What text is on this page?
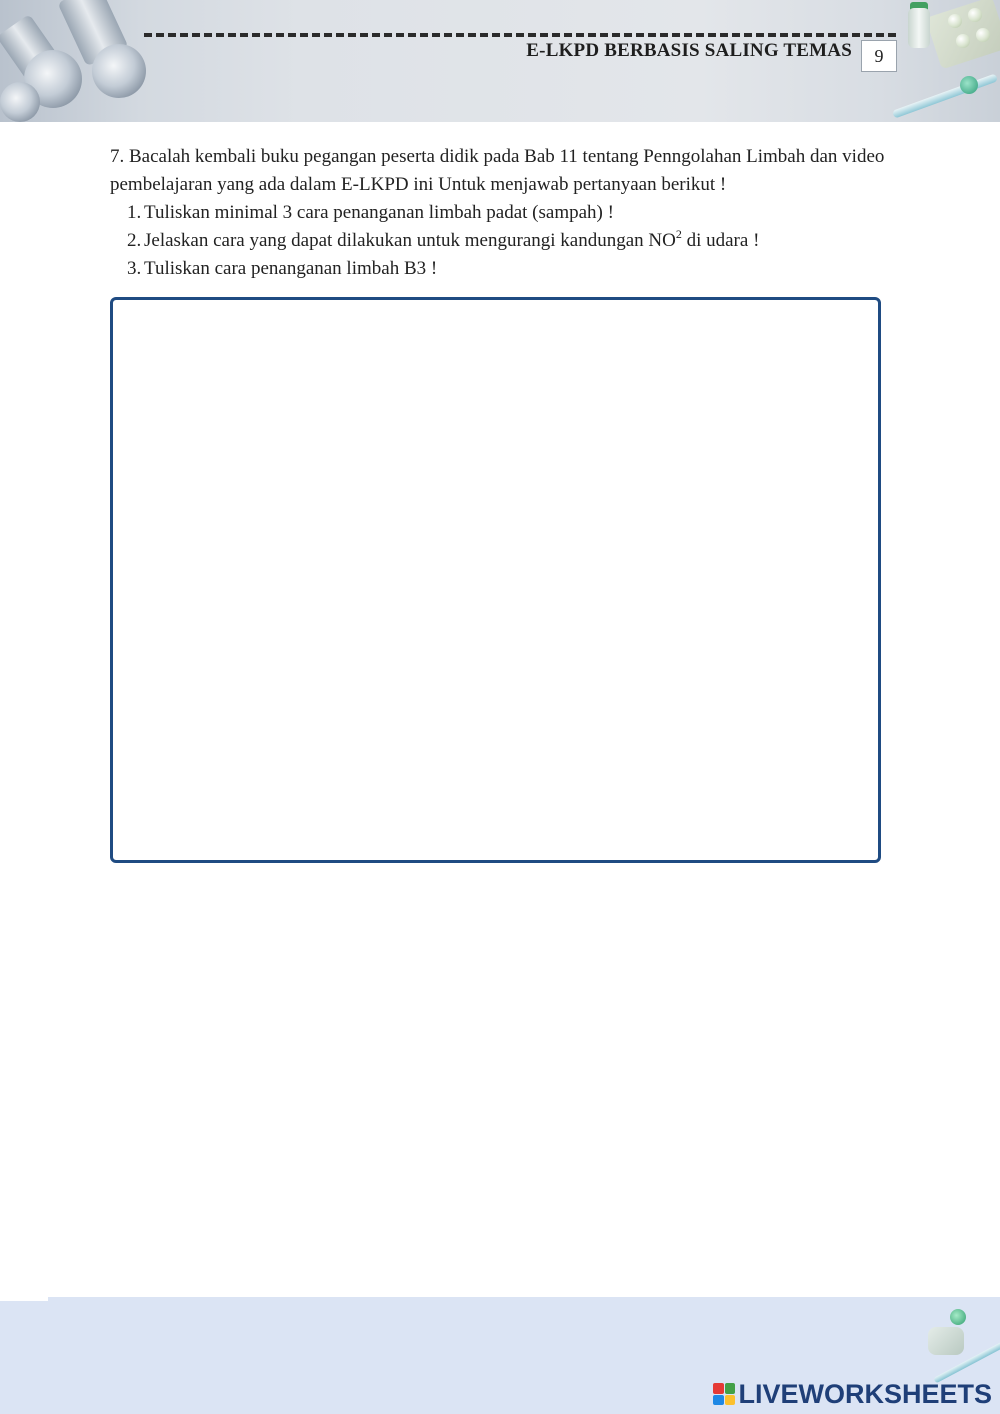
E-LKPD BERBASIS SALING TEMAS	9

7. Bacalah kembali buku pegangan peserta didik pada Bab 11 tentang Penngolahan Limbah dan video pembelajaran yang ada dalam E-LKPD ini Untuk menjawab pertanyaan berikut !

1. Tuliskan minimal 3 cara penanganan limbah padat (sampah) !
2. Jelaskan cara yang dapat dilakukan untuk mengurangi kandungan $NO^2$ di udara !
3. Tuliskan cara penanganan limbah B3 !
LIVEWORKSHEETS
